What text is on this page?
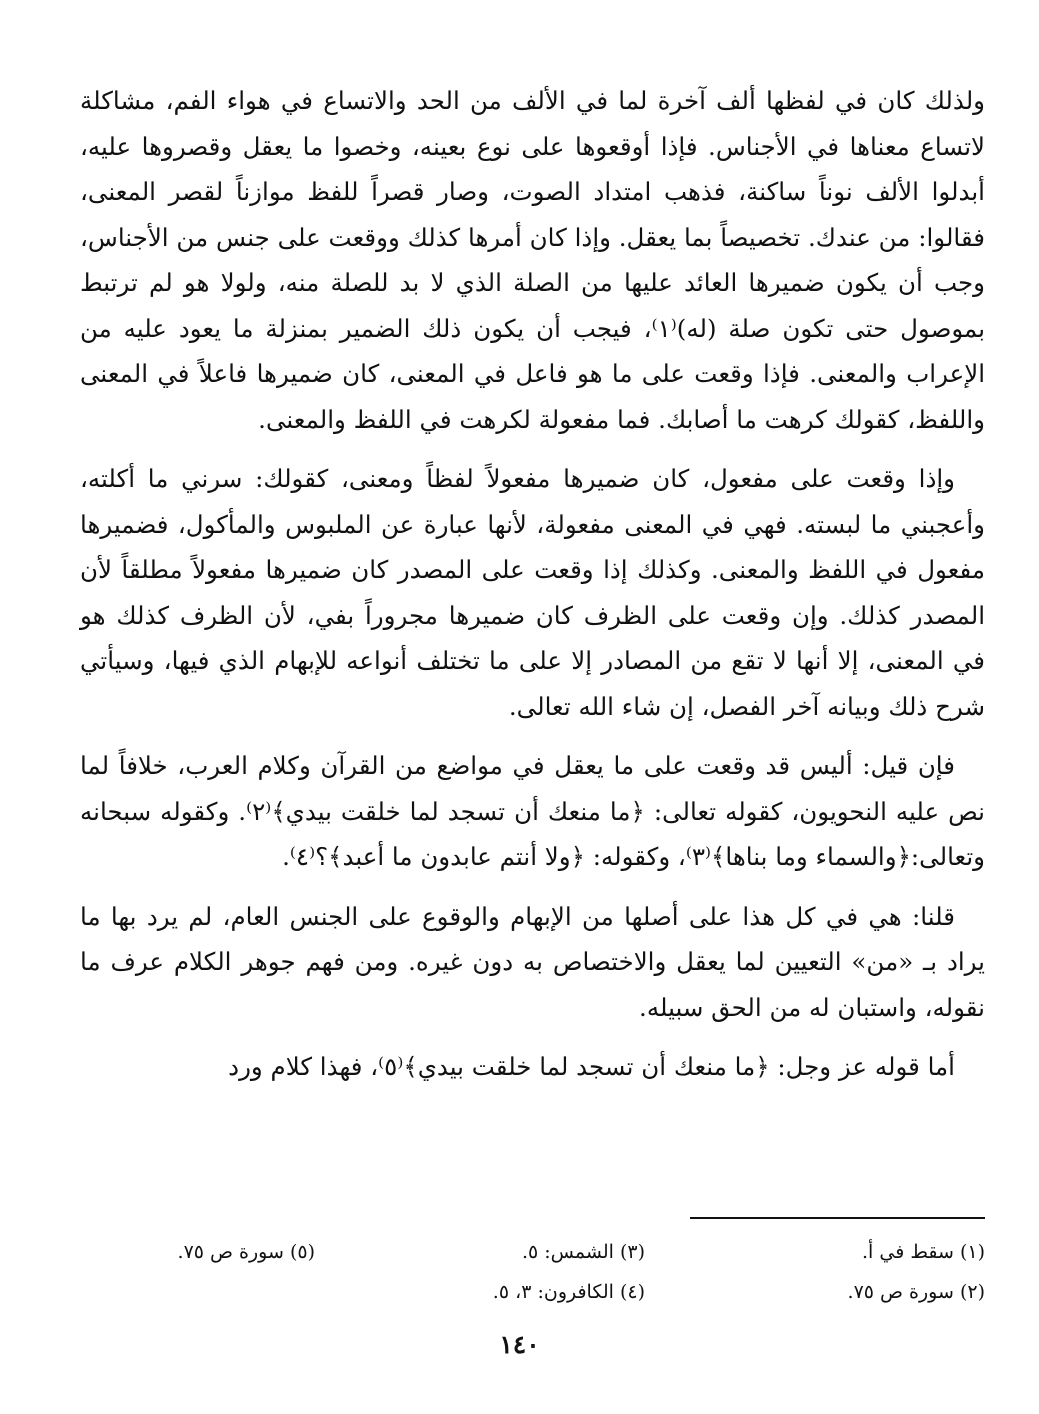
ولذلك كان في لفظها ألف آخرة لما في الألف من الحد والاتساع في هواء الفم، مشاكلة لاتساع معناها في الأجناس. فإذا أوقعوها على نوع بعينه، وخصوا ما يعقل وقصروها عليه، أبدلوا الألف نوناً ساكنة، فذهب امتداد الصوت، وصار قصراً للفظ موازناً لقصر المعنى، فقالوا: من عندك. تخصيصاً بما يعقل. وإذا كان أمرها كذلك ووقعت على جنس من الأجناس، وجب أن يكون ضميرها العائد عليها من الصلة الذي لا بد للصلة منه، ولولا هو لم ترتبط بموصول حتى تكون صلة (له)⁽١⁾، فيجب أن يكون ذلك الضمير بمنزلة ما يعود عليه من الإعراب والمعنى. فإذا وقعت على ما هو فاعل في المعنى، كان ضميرها فاعلاً في المعنى واللفظ، كقولك كرهت ما أصابك. فما مفعولة لكرهت في اللفظ والمعنى.

وإذا وقعت على مفعول، كان ضميرها مفعولاً لفظاً ومعنى، كقولك: سرني ما أكلته، وأعجبني ما لبسته. فهي في المعنى مفعولة، لأنها عبارة عن الملبوس والمأكول، فضميرها مفعول في اللفظ والمعنى. وكذلك إذا وقعت على المصدر كان ضميرها مفعولاً مطلقاً لأن المصدر كذلك. وإن وقعت على الظرف كان ضميرها مجروراً بفي، لأن الظرف كذلك هو في المعنى، إلا أنها لا تقع من المصادر إلا على ما تختلف أنواعه للإبهام الذي فيها، وسيأتي شرح ذلك وبيانه آخر الفصل، إن شاء الله تعالى.

فإن قيل: أليس قد وقعت على ما يعقل في مواضع من القرآن وكلام العرب، خلافاً لما نص عليه النحويون، كقوله تعالى: ﴿ما منعك أن تسجد لما خلقت بيدي﴾⁽٢⁾. وكقوله سبحانه وتعالى:﴿والسماء وما بناها﴾⁽٣⁾، وكقوله: ﴿ولا أنتم عابدون ما أعبد﴾؟⁽٤⁾.

قلنا: هي في كل هذا على أصلها من الإبهام والوقوع على الجنس العام، لم يرد بها ما يراد بـ «من» التعيين لما يعقل والاختصاص به دون غيره. ومن فهم جوهر الكلام عرف ما نقوله، واستبان له من الحق سبيله.

أما قوله عز وجل: ﴿ما منعك أن تسجد لما خلقت بيدي﴾⁽٥⁾، فهذا كلام ورد

(١) سقط في أ.
(٣) الشمس: ٥.
(٥) سورة ص ٧٥.
(٢) سورة ص ٧٥.
(٤) الكافرون: ٣، ٥.
١٤٠
